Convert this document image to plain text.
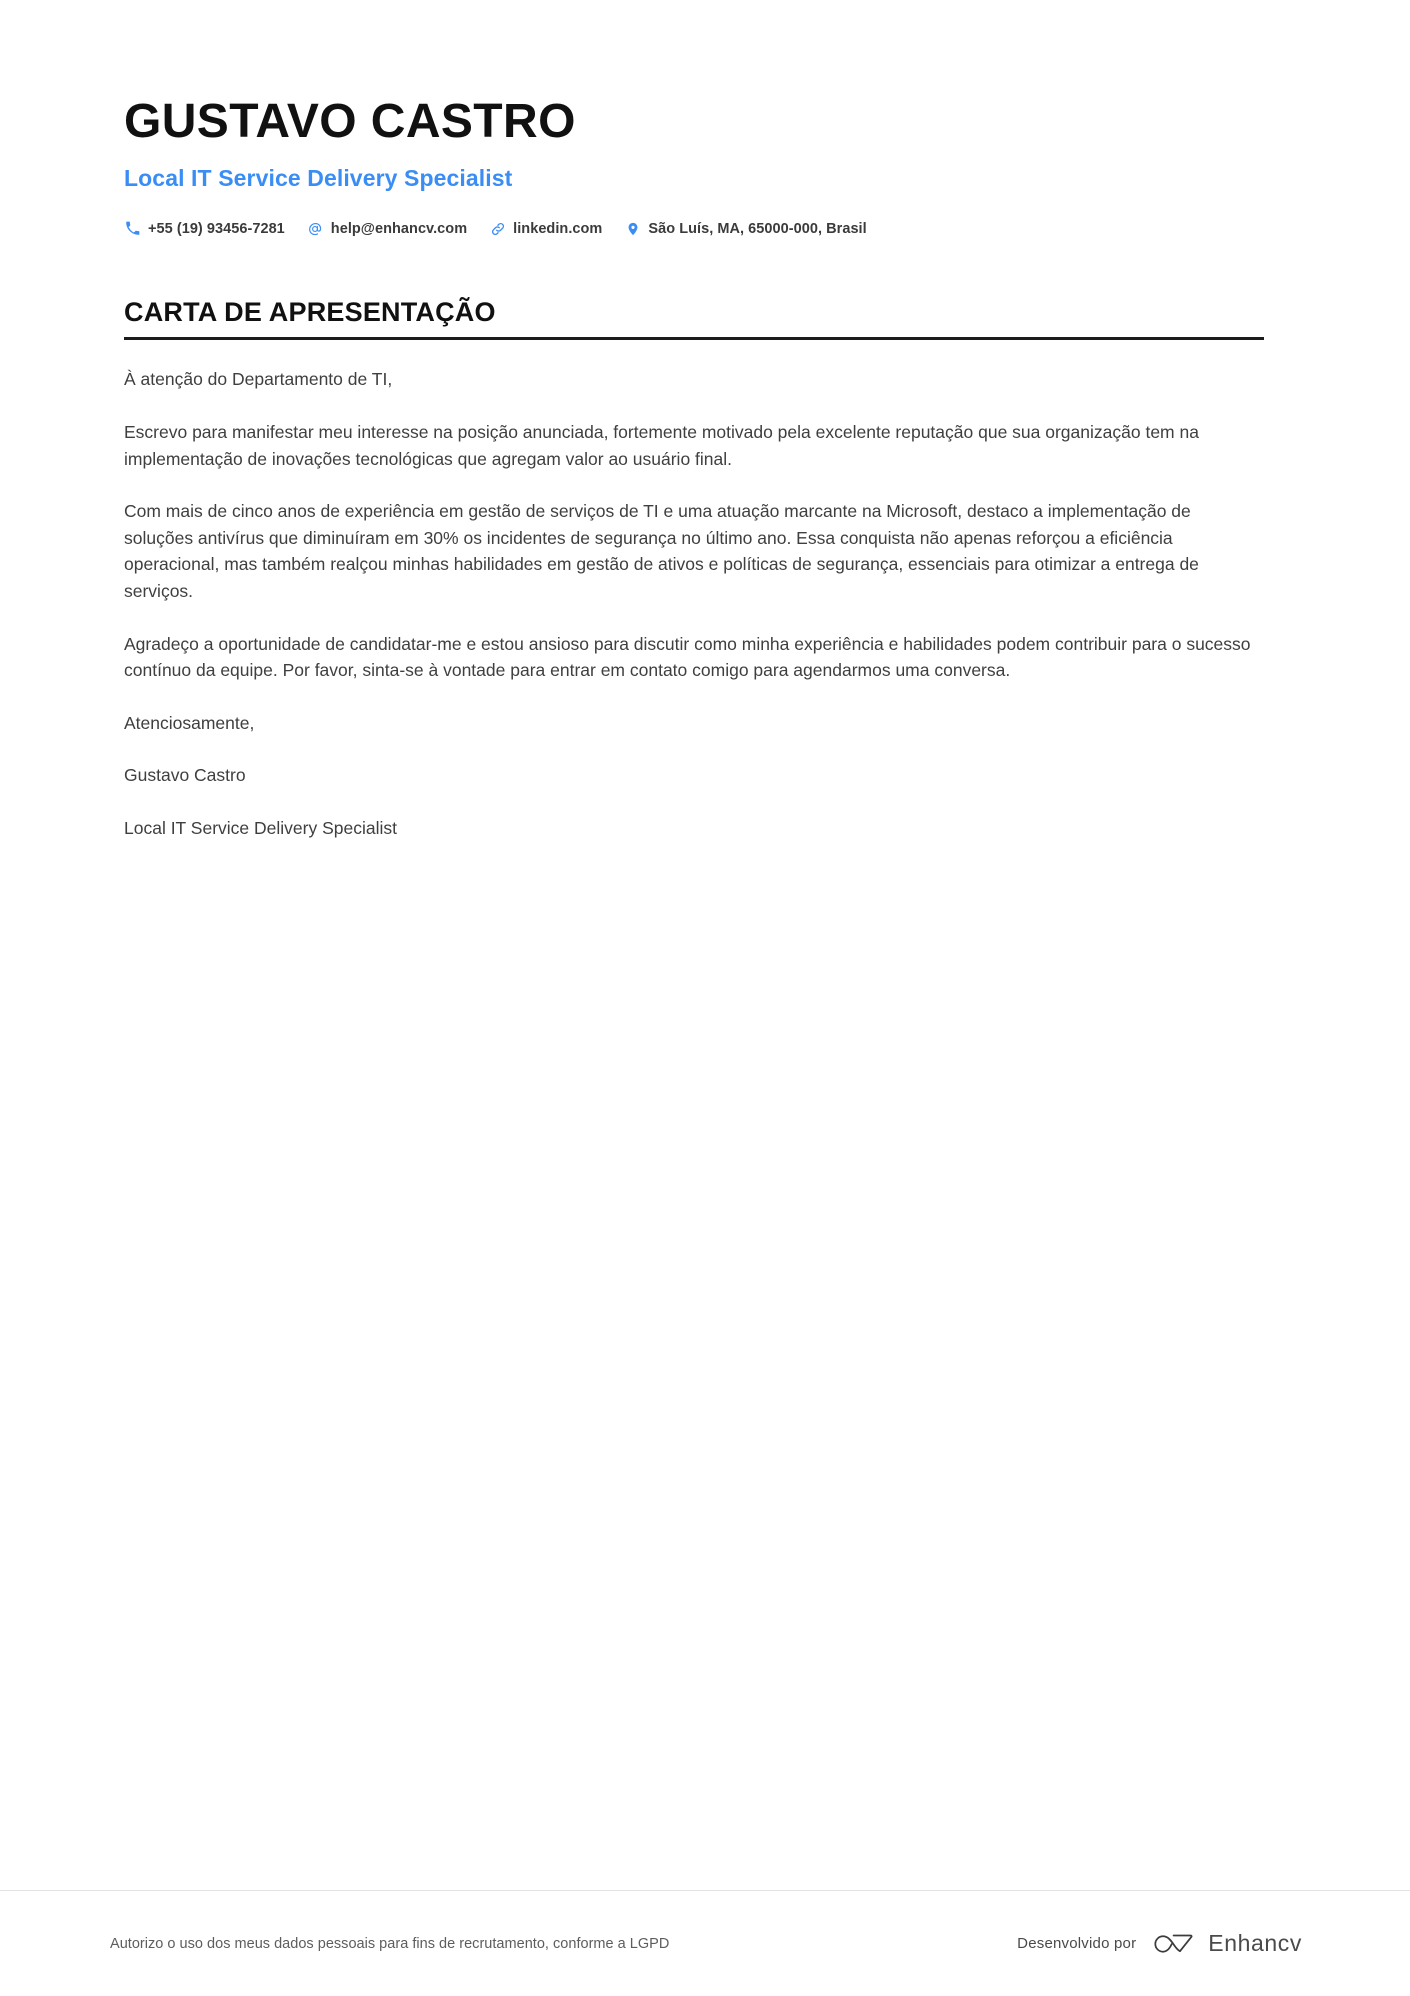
GUSTAVO CASTRO
Local IT Service Delivery Specialist
+55 (19) 93456-7281	help@enhancv.com	linkedin.com	São Luís, MA, 65000-000, Brasil
CARTA DE APRESENTAÇÃO

À atenção do Departamento de TI,

Escrevo para manifestar meu interesse na posição anunciada, fortemente motivado pela excelente reputação que sua organização tem na implementação de inovações tecnológicas que agregam valor ao usuário final.

Com mais de cinco anos de experiência em gestão de serviços de TI e uma atuação marcante na Microsoft, destaco a implementação de soluções antivírus que diminuíram em 30% os incidentes de segurança no último ano. Essa conquista não apenas reforçou a eficiência operacional, mas também realçou minhas habilidades em gestão de ativos e políticas de segurança, essenciais para otimizar a entrega de serviços.

Agradeço a oportunidade de candidatar-me e estou ansioso para discutir como minha experiência e habilidades podem contribuir para o sucesso contínuo da equipe. Por favor, sinta-se à vontade para entrar em contato comigo para agendarmos uma conversa.

Atenciosamente,

Gustavo Castro

Local IT Service Delivery Specialist

Autorizo o uso dos meus dados pessoais para fins de recrutamento, conforme a LGPD	Desenvolvido por	Enhancv
